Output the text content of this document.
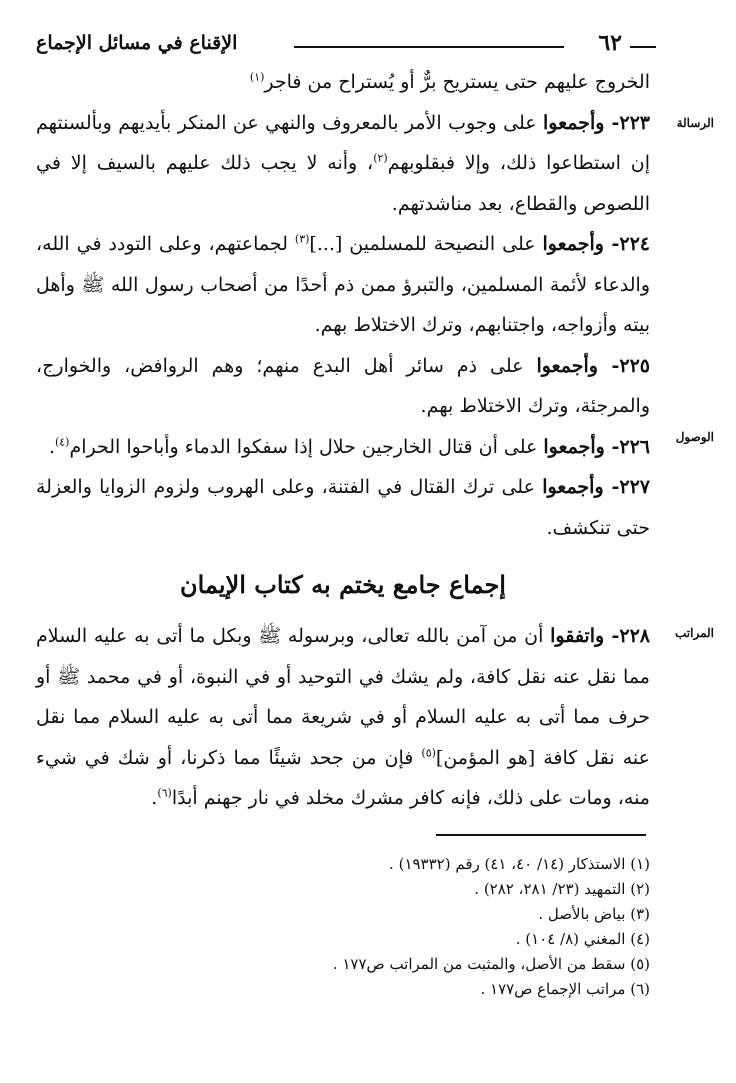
٦٢
الإقناع في مسائل الإجماع
الرسالة
الوصول
المراتب

الخروج عليهم حتى يستريح برٌّ أو يُستراح من فاجر$^{(١)}$

٢٢٣- وأجمعوا على وجوب الأمر بالمعروف والنهي عن المنكر بأيديهم وبألسنتهم إن استطاعوا ذلك، وإلا فبقلوبهم$^{(٢)}$، وأنه لا يجب ذلك عليهم بالسيف إلا في اللصوص والقطاع، بعد مناشدتهم.

٢٢٤- وأجمعوا على النصيحة للمسلمين [...]$^{(٣)}$ لجماعتهم، وعلى التودد في الله، والدعاء لأئمة المسلمين، والتبرؤ ممن ذم أحدًا من أصحاب رسول الله ﷺ وأهل بيته وأزواجه، واجتنابهم، وترك الاختلاط بهم.

٢٢٥- وأجمعوا على ذم سائر أهل البدع منهم؛ وهم الروافض، والخوارج، والمرجئة، وترك الاختلاط بهم.

٢٢٦- وأجمعوا على أن قتال الخارجين حلال إذا سفكوا الدماء وأباحوا الحرام$^{(٤)}$.

٢٢٧- وأجمعوا على ترك القتال في الفتنة، وعلى الهروب ولزوم الزوايا والعزلة حتى تنكشف.

إجماع جامع يختم به كتاب الإيمان

٢٢٨- واتفقوا أن من آمن بالله تعالى، وبرسوله ﷺ وبكل ما أتى به عليه السلام مما نقل عنه نقل كافة، ولم يشك في التوحيد أو في النبوة، أو في محمد ﷺ أو حرف مما أتى به عليه السلام أو في شريعة مما أتى به عليه السلام مما نقل عنه نقل كافة [هو المؤمن]$^{(٥)}$ فإن من جحد شيئًا مما ذكرنا، أو شك في شيء منه، ومات على ذلك، فإنه كافر مشرك مخلد في نار جهنم أبدًا$^{(٦)}$.

(١) الاستذكار (١٤/ ٤٠، ٤١) رقم (١٩٣٣٢) .
(٢) التمهيد (٢٣/ ٢٨١، ٢٨٢) .
(٣) بياض بالأصل .
(٤) المغني (٨/ ١٠٤) .
(٥) سقط من الأصل، والمثبت من المراتب ص١٧٧ .
(٦) مراتب الإجماع ص١٧٧ .
